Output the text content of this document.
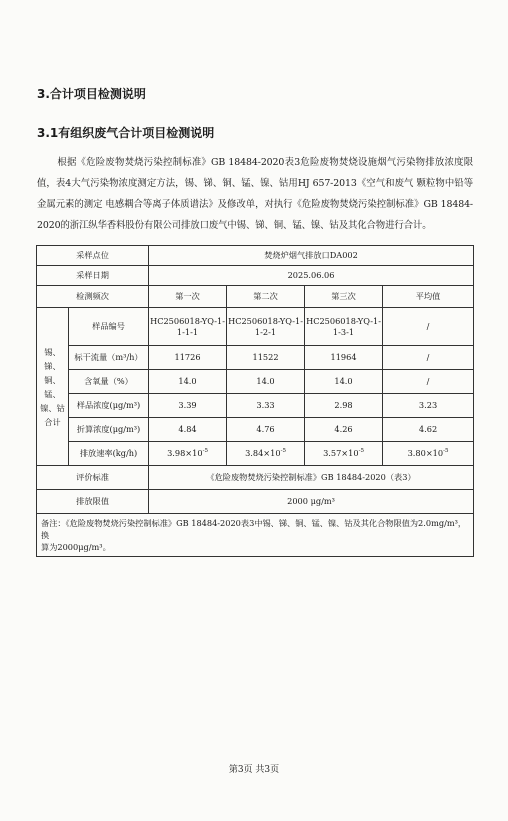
3.合计项目检测说明
3.1有组织废气合计项目检测说明
根据《危险废物焚烧污染控制标准》GB 18484-2020表3危险废物焚烧设施烟气污染物排放浓度限值，表4大气污染物浓度测定方法，锡、锑、铜、锰、镍、钴用HJ 657-2013《空气和废气 颗粒物中铅等金属元素的测定 电感耦合等离子体质谱法》及修改单，对执行《危险废物焚烧污染控制标准》GB 18484-2020的浙江纵华香料股份有限公司排放口废气中锡、锑、铜、锰、镍、钴及其化合物进行合计。
采样点位		焚烧炉烟气排放口DA002			
采样日期		2025.06.06			
检测频次		第一次	第二次	第三次	平均值
锡、锑、铜、锰、镍、钴合计	样品编号	HC2506018-YQ-1-1-1-1	HC2506018-YQ-1-1-2-1	HC2506018-YQ-1-1-3-1	/
	标干流量（m³/h）	11726	11522	11964	/
	含氧量（%）	14.0	14.0	14.0	/
	样品浓度(μg/m³)	3.39	3.33	2.98	3.23
	折算浓度(μg/m³)	4.84	4.76	4.26	4.62
	排放速率(kg/h)	$3.98\times 10^{-5}$	$3.84\times 10^{-5}$	$3.57\times 10^{-5}$	$3.80\times 10^{-5}$
评价标准		《危险废物焚烧污染控制标准》GB 18484-2020（表3）			
排放限值		2000 μg/m³			
备注：《危险废物焚烧污染控制标准》GB 18484-2020表3中锡、锑、铜、锰、镍、钴及其化合物限值为2.0mg/m³，换
算为2000μg/m³。					
第3页 共3页
